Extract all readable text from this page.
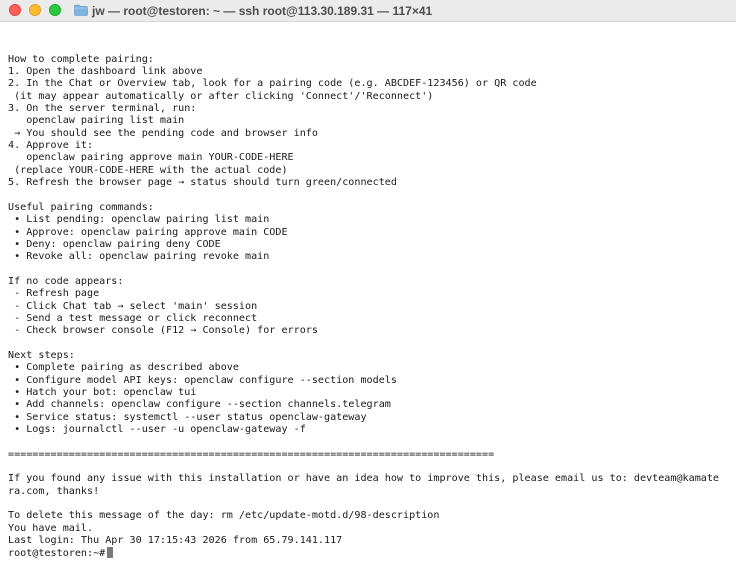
jw — root@testoren: ~ — ssh root@113.30.189.31 — 117×41

How to complete pairing:
1. Open the dashboard link above
2. In the Chat or Overview tab, look for a pairing code (e.g. ABCDEF-123456) or QR code
(it may appear automatically or after clicking 'Connect'/'Reconnect')
3. On the server terminal, run:
openclaw pairing list main
→ You should see the pending code and browser info
4. Approve it:
openclaw pairing approve main YOUR-CODE-HERE
(replace YOUR-CODE-HERE with the actual code)
5. Refresh the browser page → status should turn green/connected
Useful pairing commands:
• List pending: openclaw pairing list main
• Approve: openclaw pairing approve main CODE
• Deny: openclaw pairing deny CODE
• Revoke all: openclaw pairing revoke main
If no code appears:
- Refresh page
- Click Chat tab → select 'main' session
- Send a test message or click reconnect
- Check browser console (F12 → Console) for errors
Next steps:
• Complete pairing as described above
• Configure model API keys: openclaw configure --section models
• Hatch your bot: openclaw tui
• Add channels: openclaw configure --section channels.telegram
• Service status: systemctl --user status openclaw-gateway
• Logs: journalctl --user -u openclaw-gateway -f
================================================================================
If you found any issue with this installation or have an idea how to improve this, please email us to: devteam@kamate
ra.com, thanks!
To delete this message of the day: rm /etc/update-motd.d/98-description
You have mail.
Last login: Thu Apr 30 17:15:43 2026 from 65.79.141.117
root@testoren:~#
